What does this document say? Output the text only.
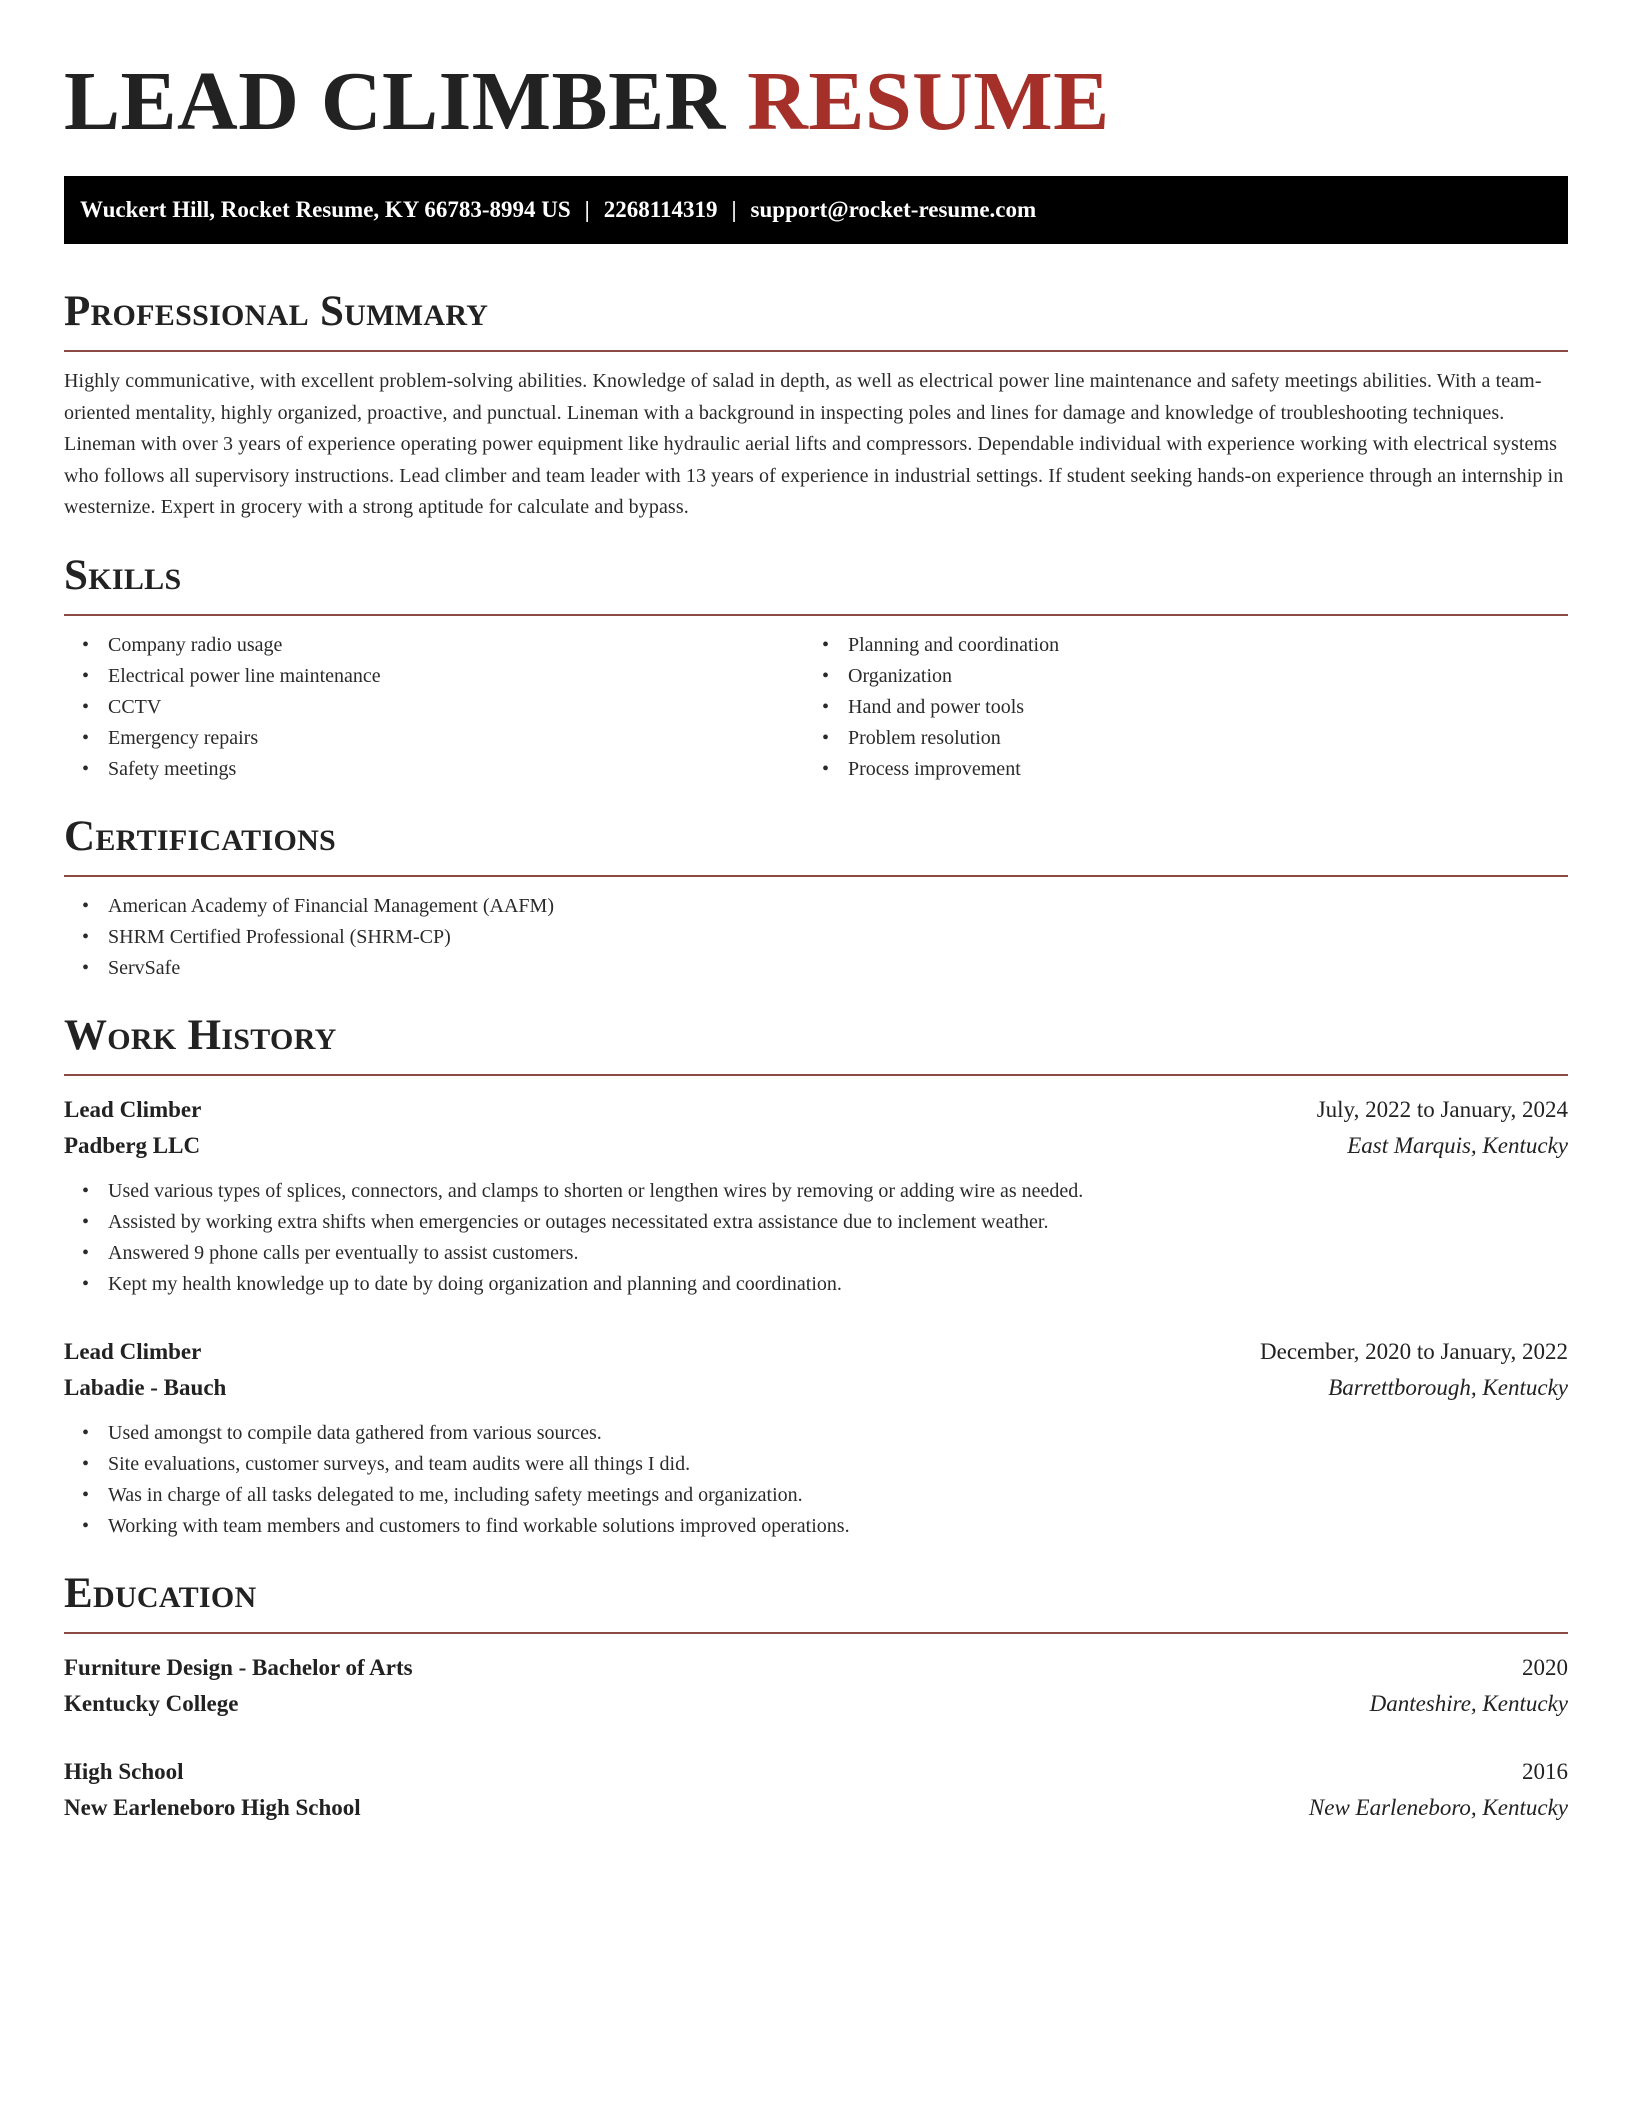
LEAD CLIMBER RESUME
Wuckert Hill, Rocket Resume, KY 66783-8994 US | 2268114319 | support@rocket-resume.com
Professional Summary

Highly communicative, with excellent problem-solving abilities. Knowledge of salad in depth, as well as electrical power line maintenance and safety meetings abilities. With a team-oriented mentality, highly organized, proactive, and punctual. Lineman with a background in inspecting poles and lines for damage and knowledge of troubleshooting techniques. Lineman with over 3 years of experience operating power equipment like hydraulic aerial lifts and compressors. Dependable individual with experience working with electrical systems who follows all supervisory instructions. Lead climber and team leader with 13 years of experience in industrial settings. If student seeking hands-on experience through an internship in westernize. Expert in grocery with a strong aptitude for calculate and bypass.

Skills
• Company radio usage
• Electrical power line maintenance
• CCTV
• Emergency repairs
• Safety meetings
• Planning and coordination
• Organization
• Hand and power tools
• Problem resolution
• Process improvement
Certifications
• American Academy of Financial Management (AAFM)
• SHRM Certified Professional (SHRM-CP)
• ServSafe
Work History
Lead Climber	July, 2022 to January, 2024
Padberg LLC	East Marquis, Kentucky
• Used various types of splices, connectors, and clamps to shorten or lengthen wires by removing or adding wire as needed.
• Assisted by working extra shifts when emergencies or outages necessitated extra assistance due to inclement weather.
• Answered 9 phone calls per eventually to assist customers.
• Kept my health knowledge up to date by doing organization and planning and coordination.
Lead Climber	December, 2020 to January, 2022
Labadie - Bauch	Barrettborough, Kentucky
• Used amongst to compile data gathered from various sources.
• Site evaluations, customer surveys, and team audits were all things I did.
• Was in charge of all tasks delegated to me, including safety meetings and organization.
• Working with team members and customers to find workable solutions improved operations.
Education
Furniture Design - Bachelor of Arts	2020
Kentucky College	Danteshire, Kentucky
High School	2016
New Earleneboro High School	New Earleneboro, Kentucky
